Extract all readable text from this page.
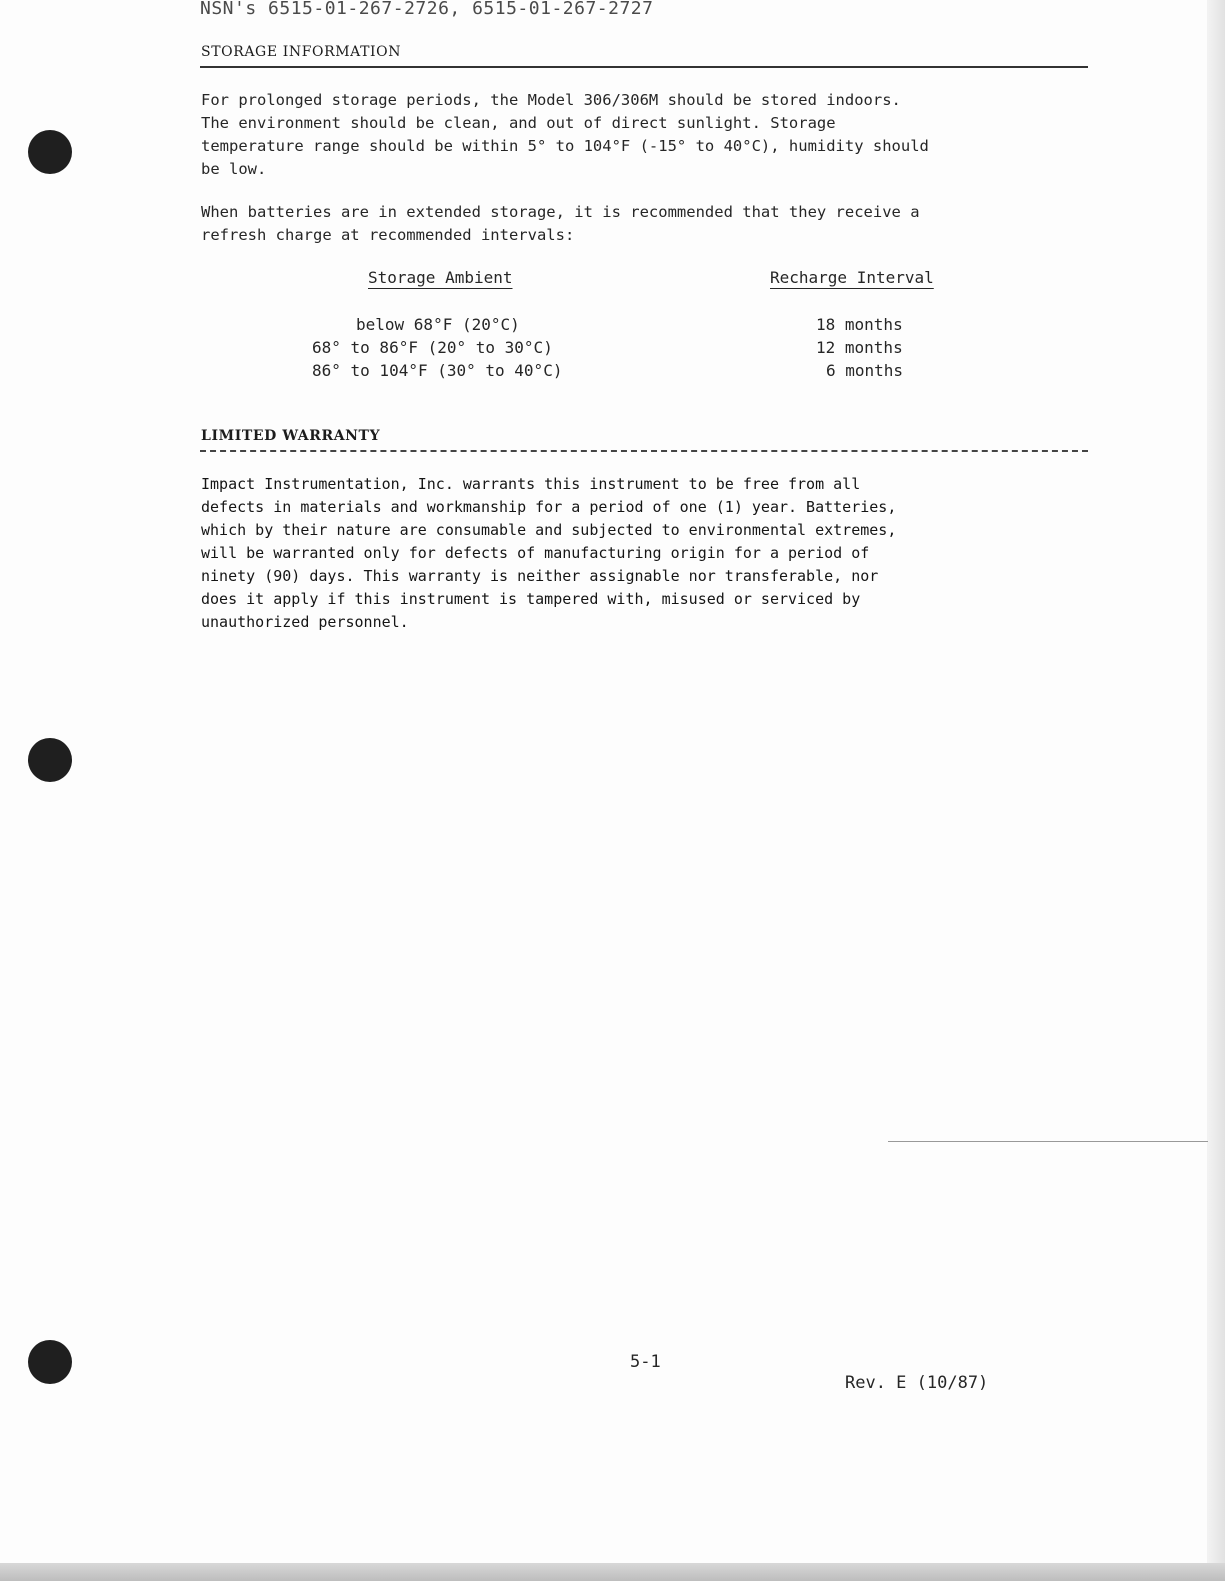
NSN's 6515-01-267-2726, 6515-01-267-2727
STORAGE INFORMATION

For prolonged storage periods, the Model 306/306M should be stored indoors.
The environment should be clean, and out of direct sunlight. Storage
temperature range should be within 5° to 104°F (-15° to 40°C), humidity should
be low.

When batteries are in extended storage, it is recommended that they receive a
refresh charge at recommended intervals:

Storage Ambient	Recharge Interval
below 68°F (20°C)	18 months
68° to 86°F (20° to 30°C)	12 months
86° to 104°F (30° to 40°C)	6 months
LIMITED WARRANTY

Impact Instrumentation, Inc. warrants this instrument to be free from all
defects in materials and workmanship for a period of one (1) year. Batteries,
which by their nature are consumable and subjected to environmental extremes,
will be warranted only for defects of manufacturing origin for a period of
ninety (90) days. This warranty is neither assignable nor transferable, nor
does it apply if this instrument is tampered with, misused or serviced by
unauthorized personnel.

5-1
Rev. E (10/87)
